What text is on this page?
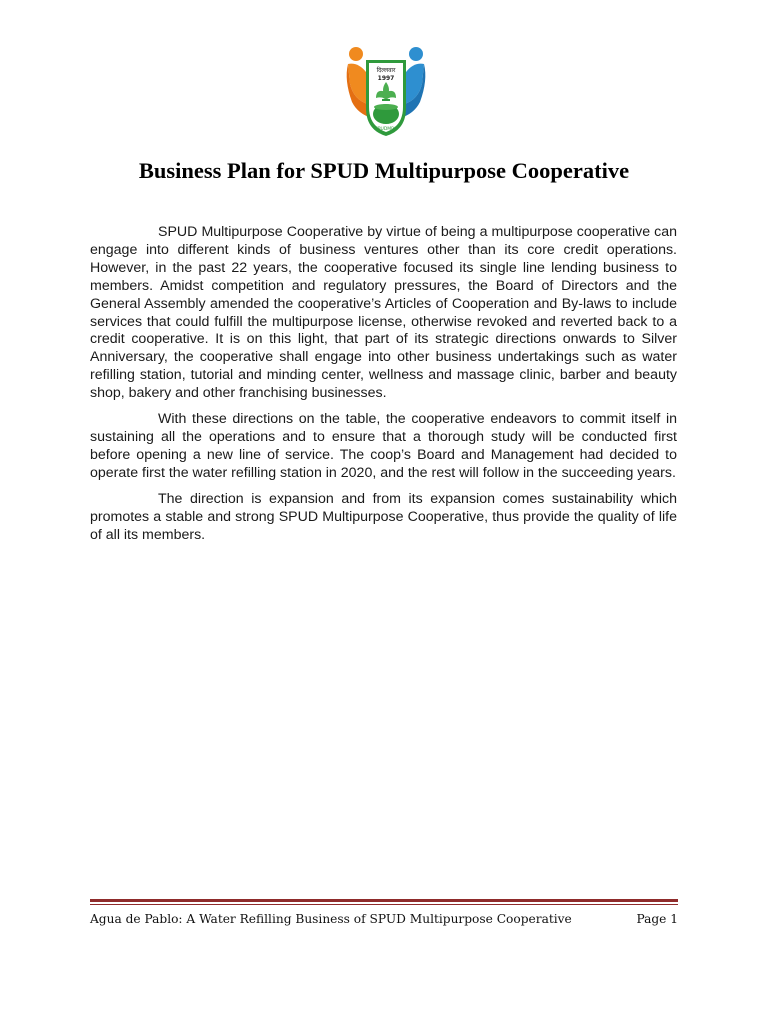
दिल्लवार
1997
SPUDMPC
Business Plan for SPUD Multipurpose Cooperative

SPUD Multipurpose Cooperative by virtue of being a multipurpose cooperative can engage into different kinds of business ventures other than its core credit operations. However, in the past 22 years, the cooperative focused its single line lending business to members. Amidst competition and regulatory pressures, the Board of Directors and the General Assembly amended the cooperative’s Articles of Cooperation and By-laws to include services that could fulfill the multipurpose license, otherwise revoked and reverted back to a credit cooperative. It is on this light, that part of its strategic directions onwards to Silver Anniversary, the cooperative shall engage into other business undertakings such as water refilling station, tutorial and minding center, wellness and massage clinic, barber and beauty shop, bakery and other franchising businesses.

With these directions on the table, the cooperative endeavors to commit itself in sustaining all the operations and to ensure that a thorough study will be conducted first before opening a new line of service. The coop’s Board and Management had decided to operate first the water refilling station in 2020, and the rest will follow in the succeeding years.

The direction is expansion and from its expansion comes sustainability which promotes a stable and strong SPUD Multipurpose Cooperative, thus provide the quality of life of all its members.

Agua de Pablo: A Water Refilling Business of SPUD Multipurpose Cooperative	Page 1
